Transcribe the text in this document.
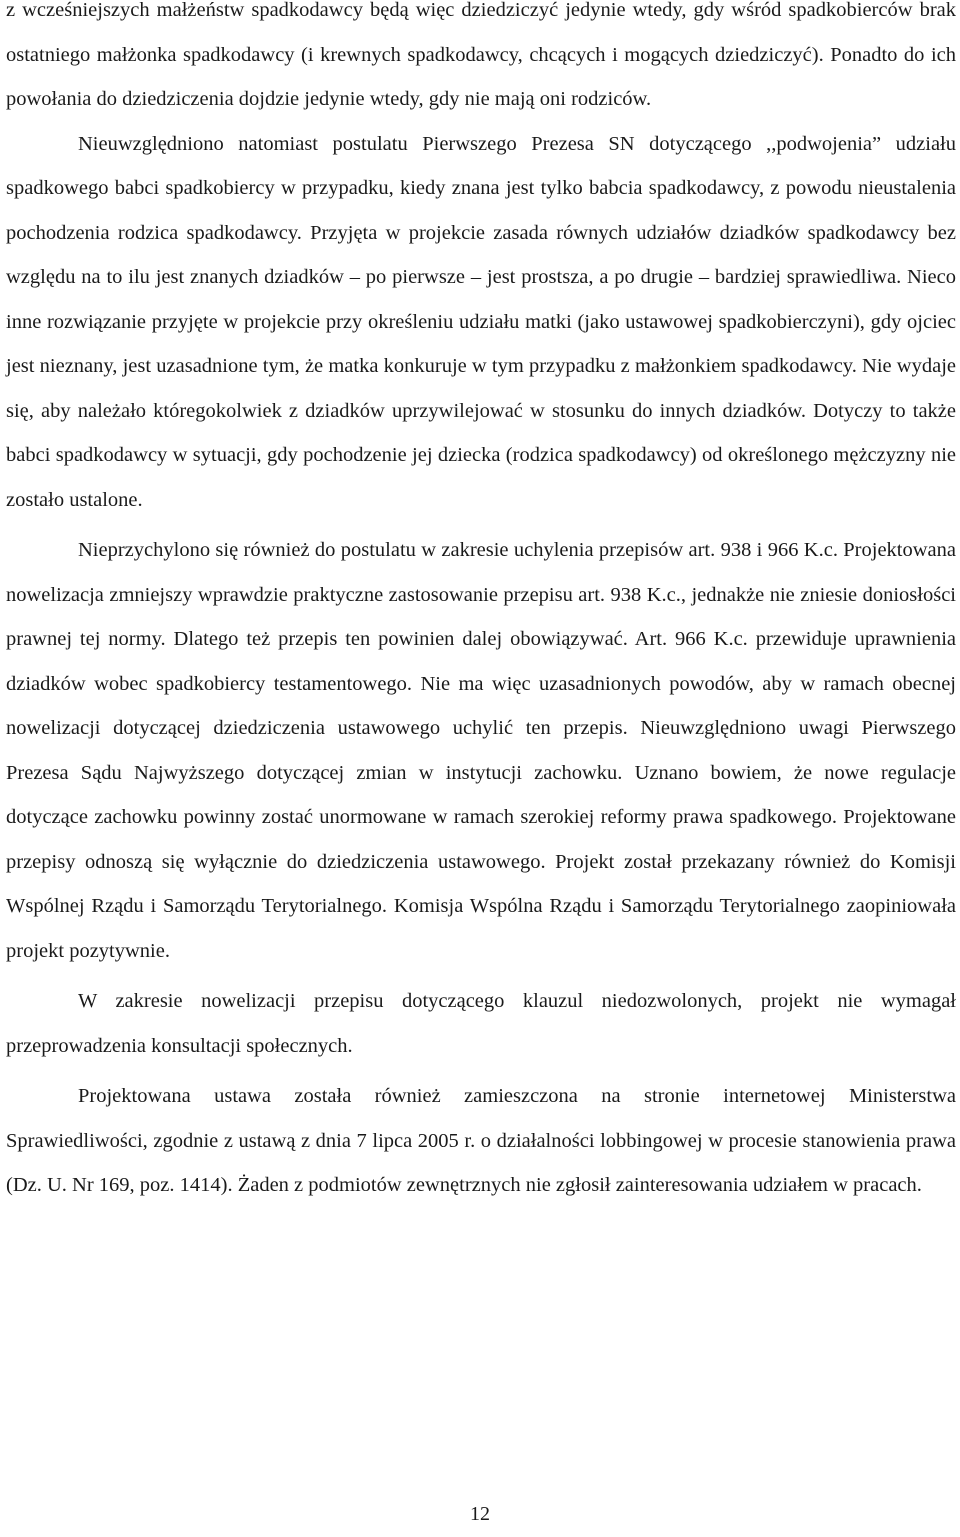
z wcześniejszych małżeństw spadkodawcy będą więc dziedziczyć jedynie wtedy, gdy wśród spadkobierców brak ostatniego małżonka spadkodawcy (i krewnych spadkodawcy, chcących i mogących dziedziczyć). Ponadto do ich powołania do dziedziczenia dojdzie jedynie wtedy, gdy nie mają oni rodziców.

Nieuwzględniono natomiast postulatu Pierwszego Prezesa SN dotyczącego ,,podwojenia” udziału spadkowego babci spadkobiercy w przypadku, kiedy znana jest tylko babcia spadkodawcy, z powodu nieustalenia pochodzenia rodzica spadkodawcy. Przyjęta w projekcie zasada równych udziałów dziadków spadkodawcy bez względu na to ilu jest znanych dziadków – po pierwsze – jest prostsza, a po drugie – bardziej sprawiedliwa. Nieco inne rozwiązanie przyjęte w projekcie przy określeniu udziału matki (jako ustawowej spadkobierczyni), gdy ojciec jest nieznany, jest uzasadnione tym, że matka konkuruje w tym przypadku z małżonkiem spadkodawcy. Nie wydaje się, aby należało któregokolwiek z dziadków uprzywilejować w stosunku do innych dziadków. Dotyczy to także babci spadkodawcy w sytuacji, gdy pochodzenie jej dziecka (rodzica spadkodawcy) od określonego mężczyzny nie zostało ustalone.

Nieprzychylono się również do postulatu w zakresie uchylenia przepisów art. 938 i 966 K.c. Projektowana nowelizacja zmniejszy wprawdzie praktyczne zastosowanie przepisu art. 938 K.c., jednakże nie zniesie doniosłości prawnej tej normy. Dlatego też przepis ten powinien dalej obowiązywać. Art. 966 K.c. przewiduje uprawnienia dziadków wobec spadkobiercy testamentowego. Nie ma więc uzasadnionych powodów, aby w ramach obecnej nowelizacji dotyczącej dziedziczenia ustawowego uchylić ten przepis. Nieuwzględniono uwagi Pierwszego Prezesa Sądu Najwyższego dotyczącej zmian w instytucji zachowku. Uznano bowiem, że nowe regulacje dotyczące zachowku powinny zostać unormowane w ramach szerokiej reformy prawa spadkowego. Projektowane przepisy odnoszą się wyłącznie do dziedziczenia ustawowego. Projekt został przekazany również do Komisji Wspólnej Rządu i Samorządu Terytorialnego. Komisja Wspólna Rządu i Samorządu Terytorialnego zaopiniowała projekt pozytywnie.

W zakresie nowelizacji przepisu dotyczącego klauzul niedozwolonych, projekt nie wymagał przeprowadzenia konsultacji społecznych.

Projektowana ustawa została również zamieszczona na stronie internetowej Ministerstwa Sprawiedliwości, zgodnie z ustawą z dnia 7 lipca 2005 r. o działalności lobbingowej w procesie stanowienia prawa (Dz. U. Nr 169, poz. 1414). Żaden z podmiotów zewnętrznych nie zgłosił zainteresowania udziałem w pracach.

12
